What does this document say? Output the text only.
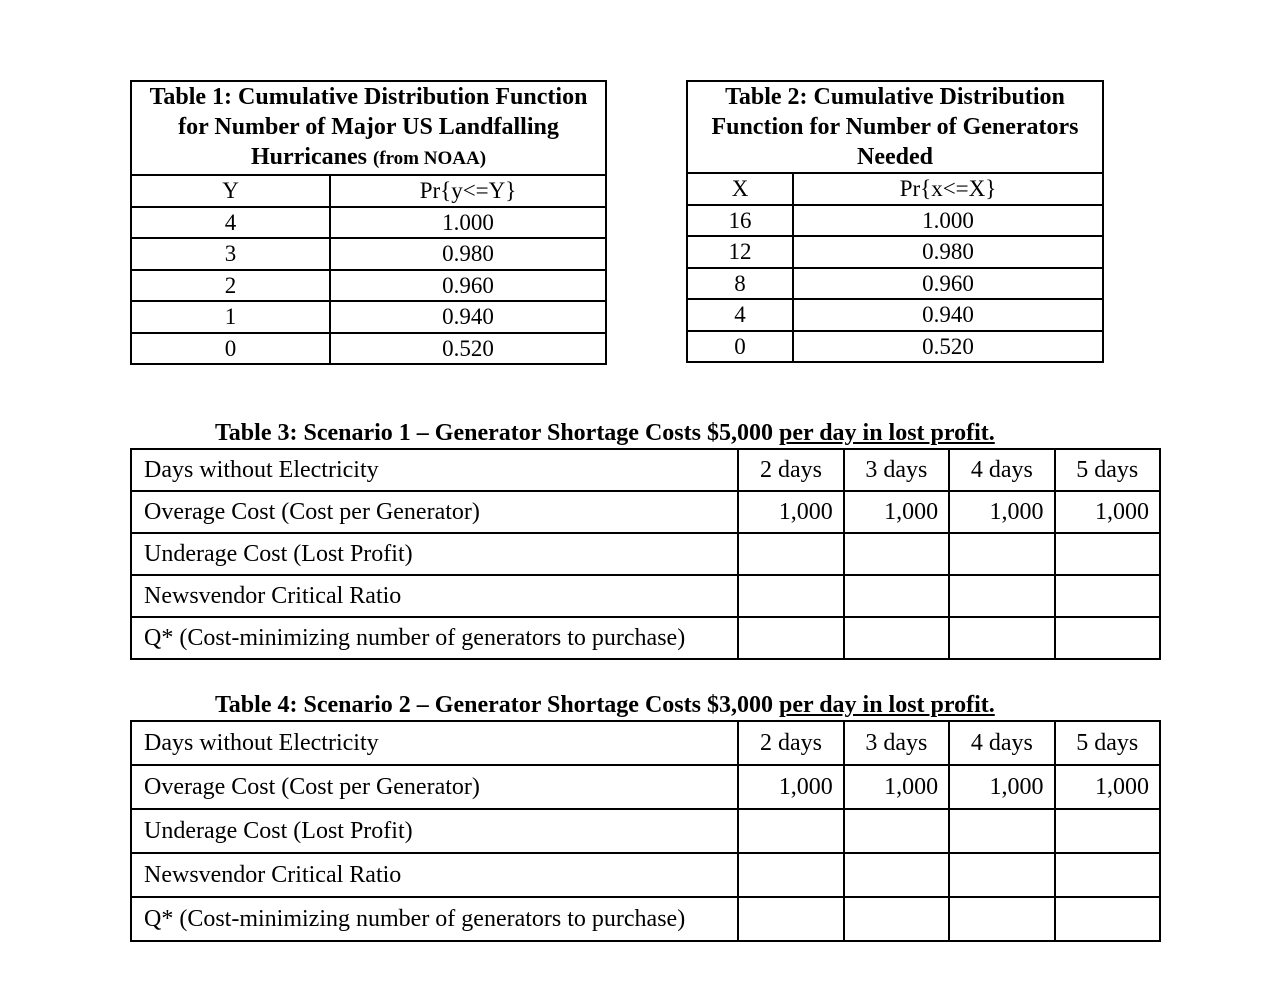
Table 1: Cumulative Distribution Function for Number of Major US Landfalling Hurricanes (from NOAA)	
Y	Pr{y<=Y}
4	1.000
3	0.980
2	0.960
1	0.940
0	0.520
Table 2: Cumulative Distribution Function for Number of Generators Needed	
X	Pr{x<=X}
16	1.000
12	0.980
8	0.960
4	0.940
0	0.520
Table 3: Scenario 1 – Generator Shortage Costs $5,000 per day in lost profit.
Days without Electricity	2 days	3 days	4 days	5 days
Overage Cost (Cost per Generator)	1,000	1,000	1,000	1,000
Underage Cost (Lost Profit)				
Newsvendor Critical Ratio				
Q* (Cost-minimizing number of generators to purchase)				
Table 4: Scenario 2 – Generator Shortage Costs $3,000 per day in lost profit.
Days without Electricity	2 days	3 days	4 days	5 days
Overage Cost (Cost per Generator)	1,000	1,000	1,000	1,000
Underage Cost (Lost Profit)				
Newsvendor Critical Ratio				
Q* (Cost-minimizing number of generators to purchase)				
